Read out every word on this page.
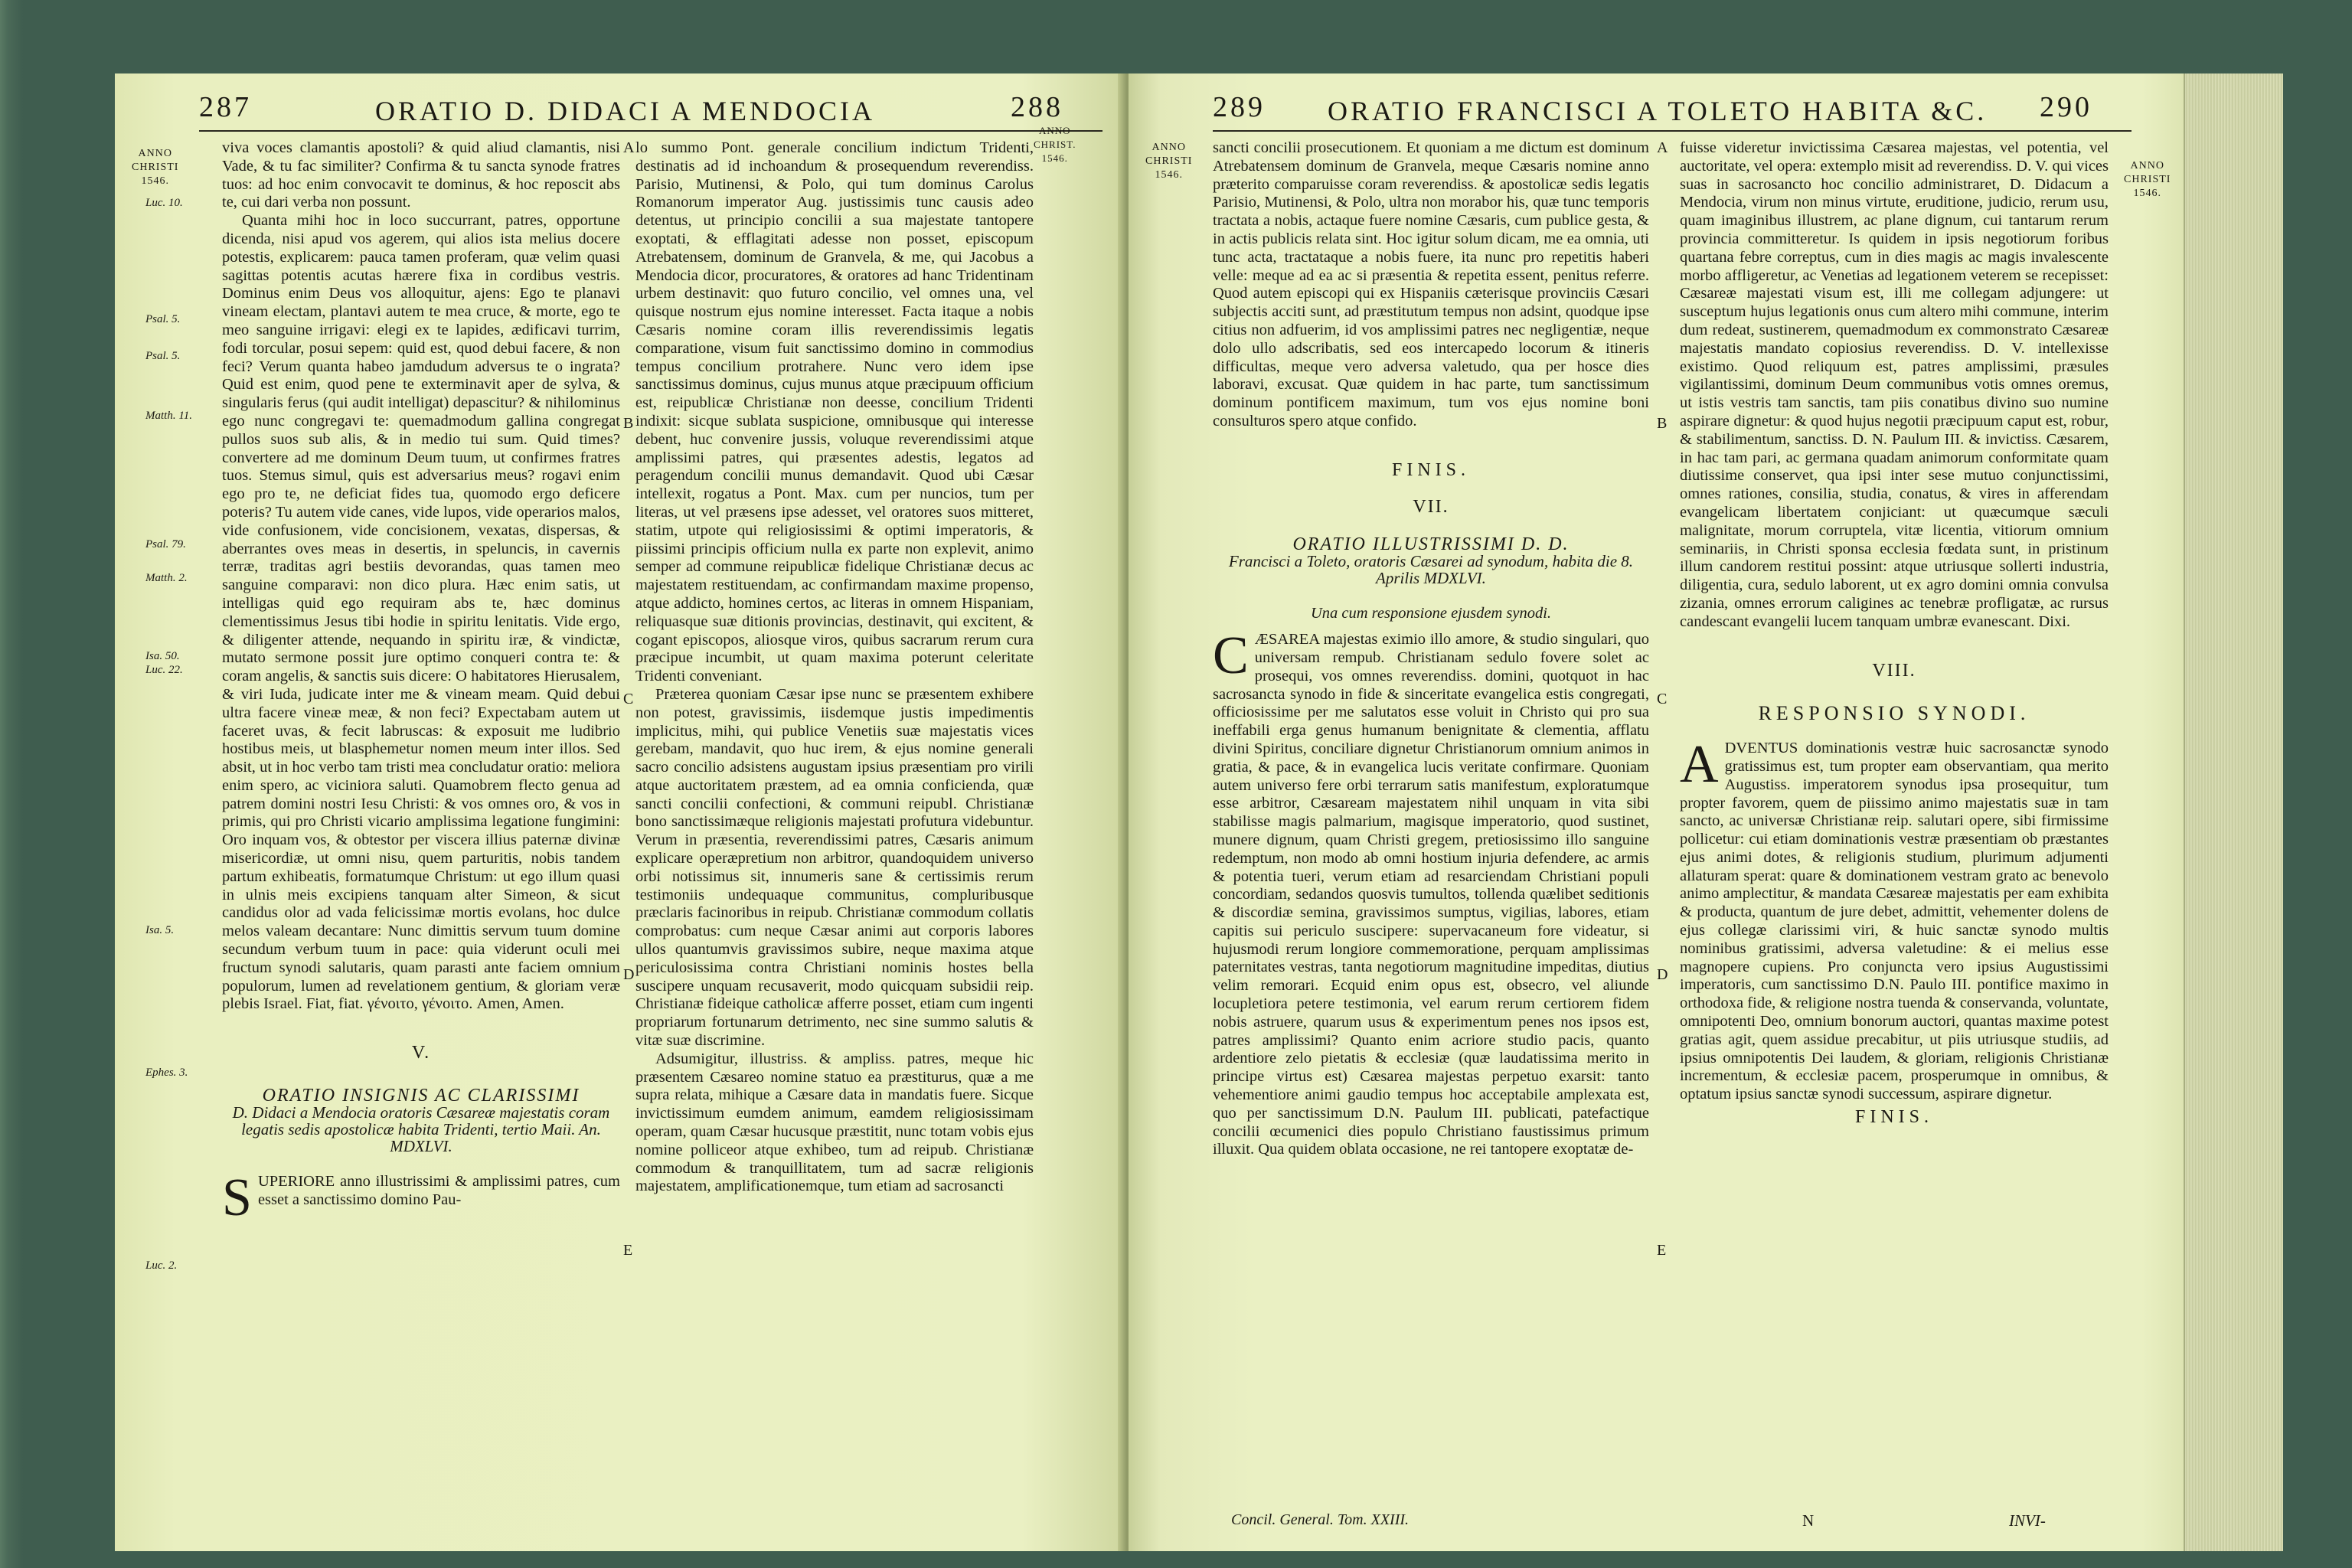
287	ORATIO D. DIDACI A MENDOCIA	288
ANNO
CHRISTI
1546.
ANNO
CHRIST.
1546.
Luc. 10.
Psal. 5.
Psal. 5.
Matth. 11.
Psal. 79.
Matth. 2.
Isa. 50.
Luc. 22.
Isa. 5.
Ephes. 3.
Luc. 2.
A
B
C
D
E

viva voces clamantis apostoli? & quid aliud clamantis, nisi Vade, & tu fac similiter? Confirma & tu sancta synode fratres tuos: ad hoc enim convocavit te dominus, & hoc reposcit abs te, cui dari verba non possunt.

Quanta mihi hoc in loco succurrant, patres, opportune dicenda, nisi apud vos agerem, qui alios ista melius docere potestis, explicarem: pauca tamen proferam, quæ velim quasi sagittas potentis acutas hærere fixa in cordibus vestris. Dominus enim Deus vos alloquitur, ajens: Ego te planavi vineam electam, plantavi autem te mea cruce, & morte, ego te meo sanguine irrigavi: elegi ex te lapides, ædificavi turrim, fodi torcular, posui sepem: quid est, quod debui facere, & non feci? Verum quanta habeo jamdudum adversus te o ingrata? Quid est enim, quod pene te exterminavit aper de sylva, & singularis ferus (qui audit intelligat) depascitur? & nihilominus ego nunc congregavi te: quemadmodum gallina congregat pullos suos sub alis, & in medio tui sum. Quid times? convertere ad me dominum Deum tuum, ut confirmes fratres tuos. Stemus simul, quis est adversarius meus? rogavi enim ego pro te, ne deficiat fides tua, quomodo ergo deficere poteris? Tu autem vide canes, vide lupos, vide operarios malos, vide confusionem, vide concisionem, vexatas, dispersas, & aberrantes oves meas in desertis, in speluncis, in cavernis terræ, traditas agri bestiis devorandas, quas tamen meo sanguine comparavi: non dico plura. Hæc enim satis, ut intelligas quid ego requiram abs te, hæc dominus clementissimus Jesus tibi hodie in spiritu lenitatis. Vide ergo, & diligenter attende, nequando in spiritu iræ, & vindictæ, mutato sermone possit jure optimo conqueri contra te: & coram angelis, & sanctis suis dicere: O habitatores Hierusalem, & viri Iuda, judicate inter me & vineam meam. Quid debui ultra facere vineæ meæ, & non feci? Expectabam autem ut faceret uvas, & fecit labruscas: & exposuit me ludibrio hostibus meis, ut blasphemetur nomen meum inter illos. Sed absit, ut in hoc verbo tam tristi mea concludatur oratio: meliora enim spero, ac viciniora saluti. Quamobrem flecto genua ad patrem domini nostri Iesu Christi: & vos omnes oro, & vos in primis, qui pro Christi vicario amplissima legatione fungimini: Oro inquam vos, & obtestor per viscera illius paternæ divinæ misericordiæ, ut omni nisu, quem parturitis, nobis tandem partum exhibeatis, formatumque Christum: ut ego illum quasi in ulnis meis excipiens tanquam alter Simeon, & sicut candidus olor ad vada felicissimæ mortis evolans, hoc dulce melos valeam decantare: Nunc dimittis servum tuum domine secundum verbum tuum in pace: quia viderunt oculi mei fructum synodi salutaris, quam parasti ante faciem omnium populorum, lumen ad revelationem gentium, & gloriam veræ plebis Israel. Fiat, fiat. γένοιτο, γένοιτο. Amen, Amen.

V.
ORATIO INSIGNIS AC CLARISSIMI
D. Didaci a Mendocia oratoris Cæsareæ majestatis coram legatis sedis apostolicæ habita Tridenti, tertio Maii. An. MDXLVI.

SUPERIORE anno illustrissimi & amplissimi patres, cum esset a sanctissimo domino Pau-

lo summo Pont. generale concilium indictum Tridenti, destinatis ad id inchoandum & prosequendum reverendiss. Parisio, Mutinensi, & Polo, qui tum dominus Carolus Romanorum imperator Aug. justissimis tunc causis adeo detentus, ut principio concilii a sua majestate tantopere exoptati, & efflagitati adesse non posset, episcopum Atrebatensem, dominum de Granvela, & me, qui Jacobus a Mendocia dicor, procuratores, & oratores ad hanc Tridentinam urbem destinavit: quo futuro concilio, vel omnes una, vel quisque nostrum ejus nomine interesset. Facta itaque a nobis Cæsaris nomine coram illis reverendissimis legatis comparatione, visum fuit sanctissimo domino in commodius tempus concilium protrahere. Nunc vero idem ipse sanctissimus dominus, cujus munus atque præcipuum officium est, reipublicæ Christianæ non deesse, concilium Tridenti indixit: sicque sublata suspicione, omnibusque qui interesse debent, huc convenire jussis, voluque reverendissimi atque amplissimi patres, qui præsentes adestis, legatos ad peragendum concilii munus demandavit. Quod ubi Cæsar intellexit, rogatus a Pont. Max. cum per nuncios, tum per literas, ut vel præsens ipse adesset, vel oratores suos mitteret, statim, utpote qui religiosissimi & optimi imperatoris, & piissimi principis officium nulla ex parte non explevit, animo semper ad commune reipublicæ fidelique Christianæ decus ac majestatem restituendam, ac confirmandam maxime propenso, atque addicto, homines certos, ac literas in omnem Hispaniam, reliquasque suæ ditionis provincias, destinavit, qui excitent, & cogant episcopos, aliosque viros, quibus sacrarum rerum cura præcipue incumbit, ut quam maxima poterunt celeritate Tridenti conveniant.

Præterea quoniam Cæsar ipse nunc se præsentem exhibere non potest, gravissimis, iisdemque justis impedimentis implicitus, mihi, qui publice Venetiis suæ majestatis vices gerebam, mandavit, quo huc irem, & ejus nomine generali sacro concilio adsistens augustam ipsius præsentiam pro virili atque auctoritatem præstem, ad ea omnia conficienda, quæ sancti concilii confectioni, & communi reipubl. Christianæ bono sanctissimæque religionis majestati profutura videbuntur. Verum in præsentia, reverendissimi patres, Cæsaris animum explicare operæpretium non arbitror, quandoquidem universo orbi notissimus sit, innumeris sane & certissimis rerum testimoniis undequaque communitus, compluribusque præclaris facinoribus in reipub. Christianæ commodum collatis comprobatus: cum neque Cæsar animi aut corporis labores ullos quantumvis gravissimos subire, neque maxima atque periculosissima contra Christiani nominis hostes bella suscipere unquam recusaverit, modo quicquam subsidii reip. Christianæ fideique catholicæ afferre posset, etiam cum ingenti propriarum fortunarum detrimento, nec sine summo salutis & vitæ suæ discrimine.

Adsumigitur, illustriss. & ampliss. patres, meque hic præsentem Cæsareo nomine statuo ea præstiturus, quæ a me supra relata, mihique a Cæsare data in mandatis fuere. Sicque invictissimum eumdem animum, eamdem religiosissimam operam, quam Cæsar hucusque præstitit, nunc totam vobis ejus nomine polliceor atque exhibeo, tum ad reipub. Christianæ commodum & tranquillitatem, tum ad sacræ religionis majestatem, amplificationemque, tum etiam ad sacrosancti

289 ORATIO FRANCISCI A TOLETO HABITA &C. 290
ANNO
CHRISTI
1546.
ANNO
CHRISTI
1546.
A
B
C
D
E

sancti concilii prosecutionem. Et quoniam a me dictum est dominum Atrebatensem dominum de Granvela, meque Cæsaris nomine anno præterito comparuisse coram reverendiss. & apostolicæ sedis legatis Parisio, Mutinensi, & Polo, ultra non morabor his, quæ tunc temporis tractata a nobis, actaque fuere nomine Cæsaris, cum publice gesta, & in actis publicis relata sint. Hoc igitur solum dicam, me ea omnia, uti tunc acta, tractataque a nobis fuere, ita nunc pro repetitis haberi velle: meque ad ea ac si præsentia & repetita essent, penitus referre. Quod autem episcopi qui ex Hispaniis cæterisque provinciis Cæsari subjectis acciti sunt, ad præstitutum tempus non adsint, quodque ipse citius non adfuerim, id vos amplissimi patres nec negligentiæ, neque dolo ullo adscribatis, sed eos intercapedo locorum & itineris difficultas, meque vero adversa valetudo, qua per hosce dies laboravi, excusat. Quæ quidem in hac parte, tum sanctissimum dominum pontificem maximum, tum vos ejus nomine boni consulturos spero atque confido.

FINIS.
VII.
ORATIO ILLUSTRISSIMI D. D.
Francisci a Toleto, oratoris Cæsarei ad synodum, habita die 8. Aprilis MDXLVI.
Una cum responsione ejusdem synodi.

CÆSAREA majestas eximio illo amore, & studio singulari, quo universam rempub. Christianam sedulo fovere solet ac prosequi, vos omnes reverendiss. domini, quotquot in hac sacrosancta synodo in fide & sinceritate evangelica estis congregati, officiosissime per me salutatos esse voluit in Christo qui pro sua ineffabili erga genus humanum benignitate & clementia, afflatu divini Spiritus, conciliare dignetur Christianorum omnium animos in gratia, & pace, & in evangelica lucis veritate confirmare. Quoniam autem universo fere orbi terrarum satis manifestum, exploratumque esse arbitror, Cæsaream majestatem nihil unquam in vita sibi stabilisse magis palmarium, magisque imperatorio, quod sustinet, munere dignum, quam Christi gregem, pretiosissimo illo sanguine redemptum, non modo ab omni hostium injuria defendere, ac armis & potentia tueri, verum etiam ad resarciendam Christiani populi concordiam, sedandos quosvis tumultos, tollenda quælibet seditionis & discordiæ semina, gravissimos sumptus, vigilias, labores, etiam capitis sui periculo suscipere: supervacaneum fore videatur, si hujusmodi rerum longiore commemoratione, perquam amplissimas paternitates vestras, tanta negotiorum magnitudine impeditas, diutius velim remorari. Ecquid enim opus est, obsecro, vel aliunde locupletiora petere testimonia, vel earum rerum certiorem fidem nobis astruere, quarum usus & experimentum penes nos ipsos est, patres amplissimi? Quanto enim acriore studio pacis, quanto ardentiore zelo pietatis & ecclesiæ (quæ laudatissima merito in principe virtus est) Cæsarea majestas perpetuo exarsit: tanto vehementiore animi gaudio tempus hoc acceptabile amplexata est, quo per sanctissimum D.N. Paulum III. publicati, patefactique concilii œcumenici dies populo Christiano faustissimus primum illuxit. Qua quidem oblata occasione, ne rei tantopere exoptatæ de-

fuisse videretur invictissima Cæsarea majestas, vel potentia, vel auctoritate, vel opera: extemplo misit ad reverendiss. D. V. qui vices suas in sacrosancto hoc concilio administraret, D. Didacum a Mendocia, virum non minus virtute, eruditione, judicio, rerum usu, quam imaginibus illustrem, ac plane dignum, cui tantarum rerum provincia committeretur. Is quidem in ipsis negotiorum foribus quartana febre correptus, cum in dies magis ac magis invalescente morbo affligeretur, ac Venetias ad legationem veterem se recepisset: Cæsareæ majestati visum est, illi me collegam adjungere: ut susceptum hujus legationis onus cum altero mihi commune, interim dum redeat, sustinerem, quemadmodum ex commonstrato Cæsareæ majestatis mandato copiosius reverendiss. D. V. intellexisse existimo. Quod reliquum est, patres amplissimi, præsules vigilantissimi, dominum Deum communibus votis omnes oremus, ut istis vestris tam sanctis, tam piis conatibus divino suo numine aspirare dignetur: & quod hujus negotii præcipuum caput est, robur, & stabilimentum, sanctiss. D. N. Paulum III. & invictiss. Cæsarem, in hac tam pari, ac germana quadam animorum conformitate quam diutissime conservet, qua ipsi inter sese mutuo conjunctissimi, omnes rationes, consilia, studia, conatus, & vires in afferendam evangelicam libertatem conjiciant: ut quæcumque sæculi malignitate, morum corruptela, vitæ licentia, vitiorum omnium seminariis, in Christi sponsa ecclesia fœdata sunt, in pristinum illum candorem restitui possint: atque utriusque sollerti industria, diligentia, cura, sedulo laborent, ut ex agro domini omnia convulsa zizania, omnes errorum caligines ac tenebræ profligatæ, ac rursus candescant evangelii lucem tanquam umbræ evanescant. Dixi.

VIII.
RESPONSIO SYNODI.

ADVENTUS dominationis vestræ huic sacrosanctæ synodo gratissimus est, tum propter eam observantiam, qua merito Augustiss. imperatorem synodus ipsa prosequitur, tum propter favorem, quem de piissimo animo majestatis suæ in tam sancto, ac universæ Christianæ reip. salutari opere, sibi firmissime pollicetur: cui etiam dominationis vestræ præsentiam ob præstantes ejus animi dotes, & religionis studium, plurimum adjumenti allaturam sperat: quare & dominationem vestram grato ac benevolo animo amplectitur, & mandata Cæsareæ majestatis per eam exhibita & producta, quantum de jure debet, admittit, vehementer dolens de ejus collegæ clarissimi viri, & huic sanctæ synodo multis nominibus gratissimi, adversa valetudine: & ei melius esse magnopere cupiens. Pro conjuncta vero ipsius Augustissimi imperatoris, cum sanctissimo D.N. Paulo III. pontifice maximo in orthodoxa fide, & religione nostra tuenda & conservanda, voluntate, omnipotenti Deo, omnium bonorum auctori, quantas maxime potest gratias agit, quem assidue precabitur, ut piis utriusque studiis, ad ipsius omnipotentis Dei laudem, & gloriam, religionis Christianæ incrementum, & ecclesiæ pacem, prosperumque in omnibus, & optatum ipsius sanctæ synodi successum, aspirare dignetur.

FINIS.
Concil. General. Tom. XXIII.	N	INVI-
